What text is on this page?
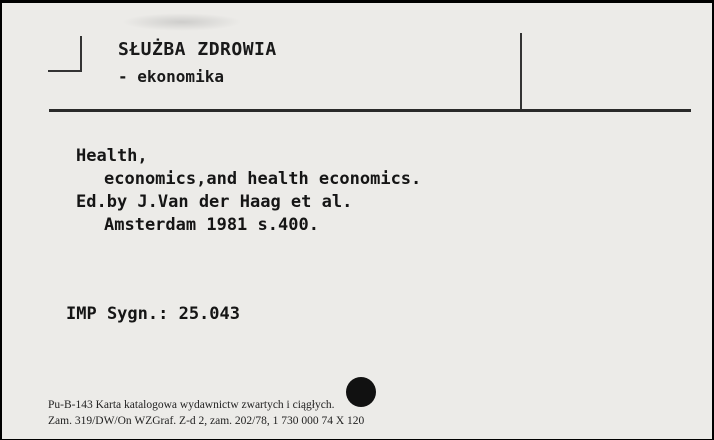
SŁUŻBA ZDROWIA
- ekonomika
Health,
economics,and health economics.
Ed.by J.Van der Haag et al.
Amsterdam 1981 s.400.
IMP Sygn.: 25.043
Pu-B-143 Karta katalogowa wydawnictw zwartych i ciągłych.
Zam. 319/DW/On WZGraf. Z-d 2, zam. 202/78, 1 730 000 74 X 120
